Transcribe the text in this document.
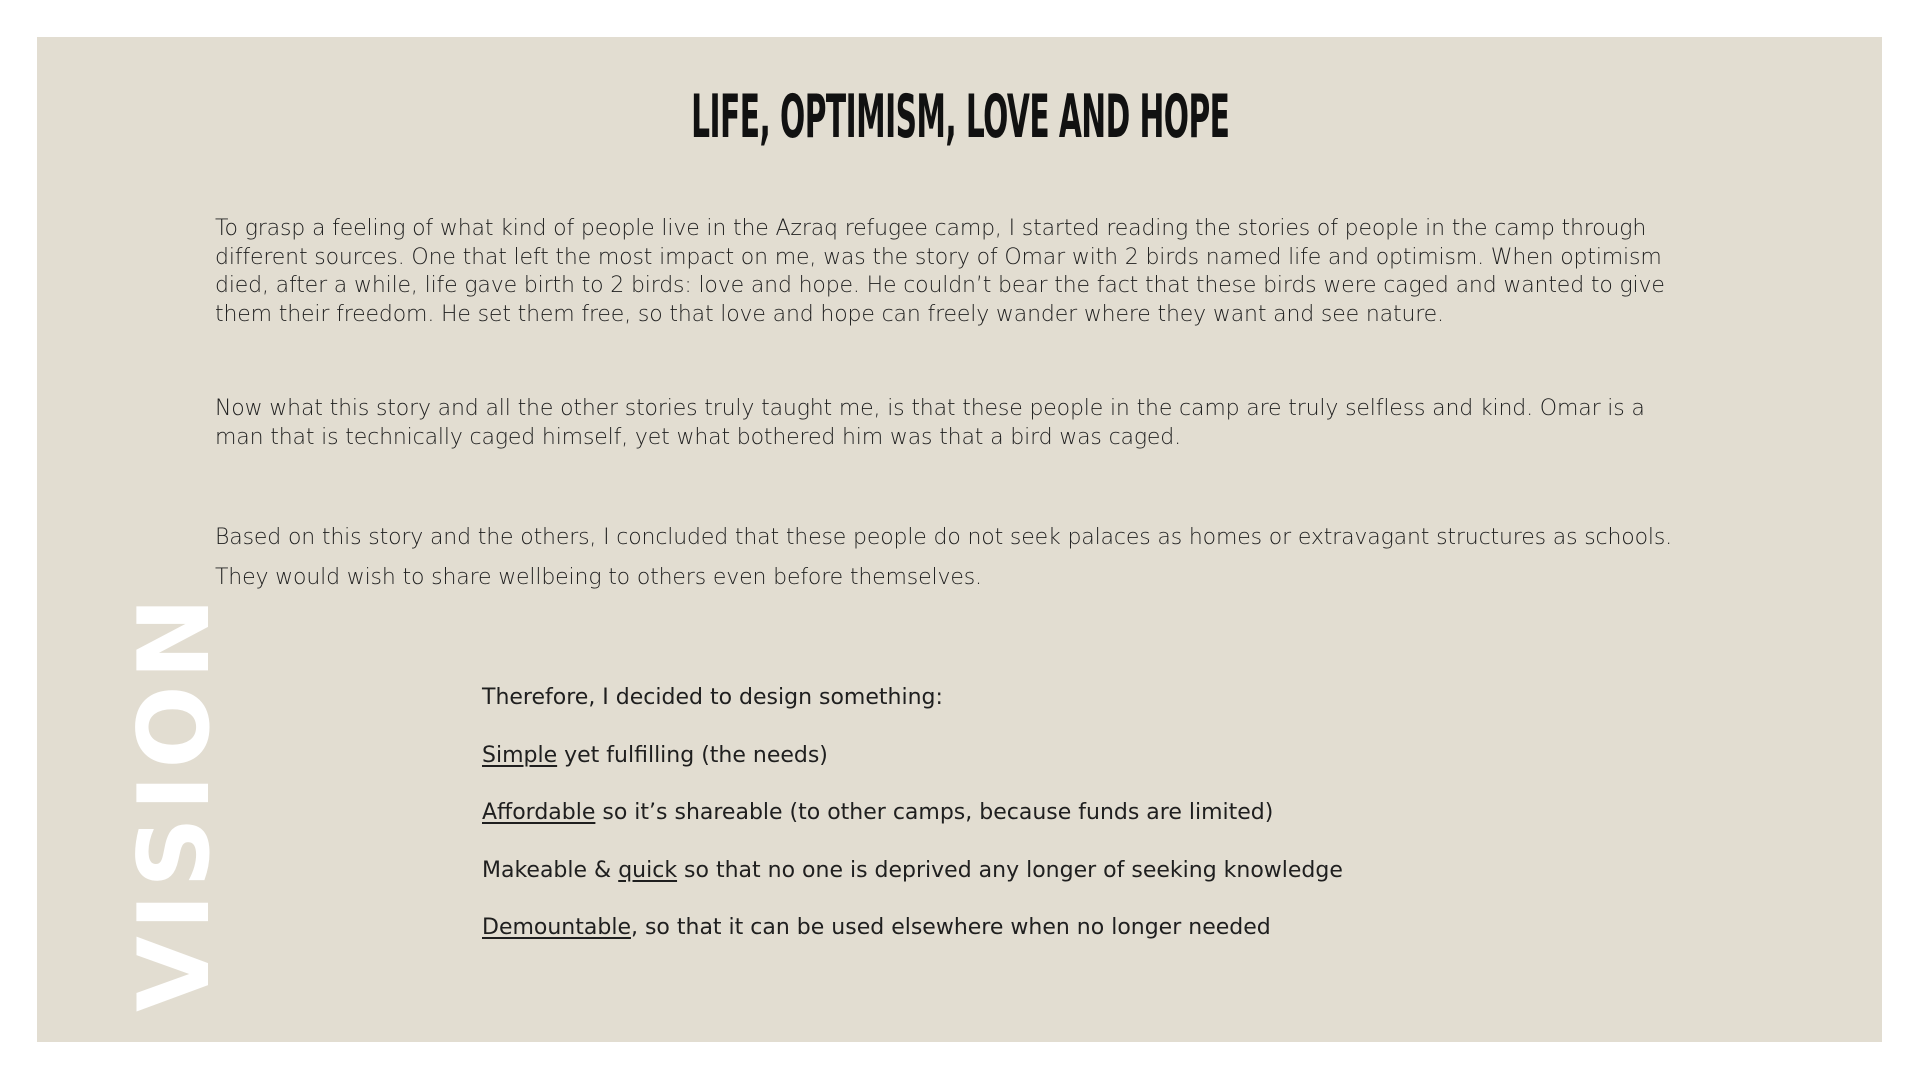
LIFE, OPTIMISM, LOVE AND HOPE
To grasp a feeling of what kind of people live in the Azraq refugee camp, I started reading the stories of people in the camp through
different sources. One that left the most impact on me, was the story of Omar with 2 birds named life and optimism. When optimism
died, after a while, life gave birth to 2 birds: love and hope. He couldn’t bear the fact that these birds were caged and wanted to give
them their freedom. He set them free, so that love and hope can freely wander where they want and see nature.
Now what this story and all the other stories truly taught me, is that these people in the camp are truly selfless and kind. Omar is a
man that is technically caged himself, yet what bothered him was that a bird was caged.
Based on this story and the others, I concluded that these people do not seek palaces as homes or extravagant structures as schools.
They would wish to share wellbeing to others even before themselves.
Therefore, I decided to design something:
Simple yet fulfilling (the needs)
Affordable so it’s shareable (to other camps, because funds are limited)
Makeable & quick so that no one is deprived any longer of seeking knowledge
Demountable, so that it can be used elsewhere when no longer needed
VISION
